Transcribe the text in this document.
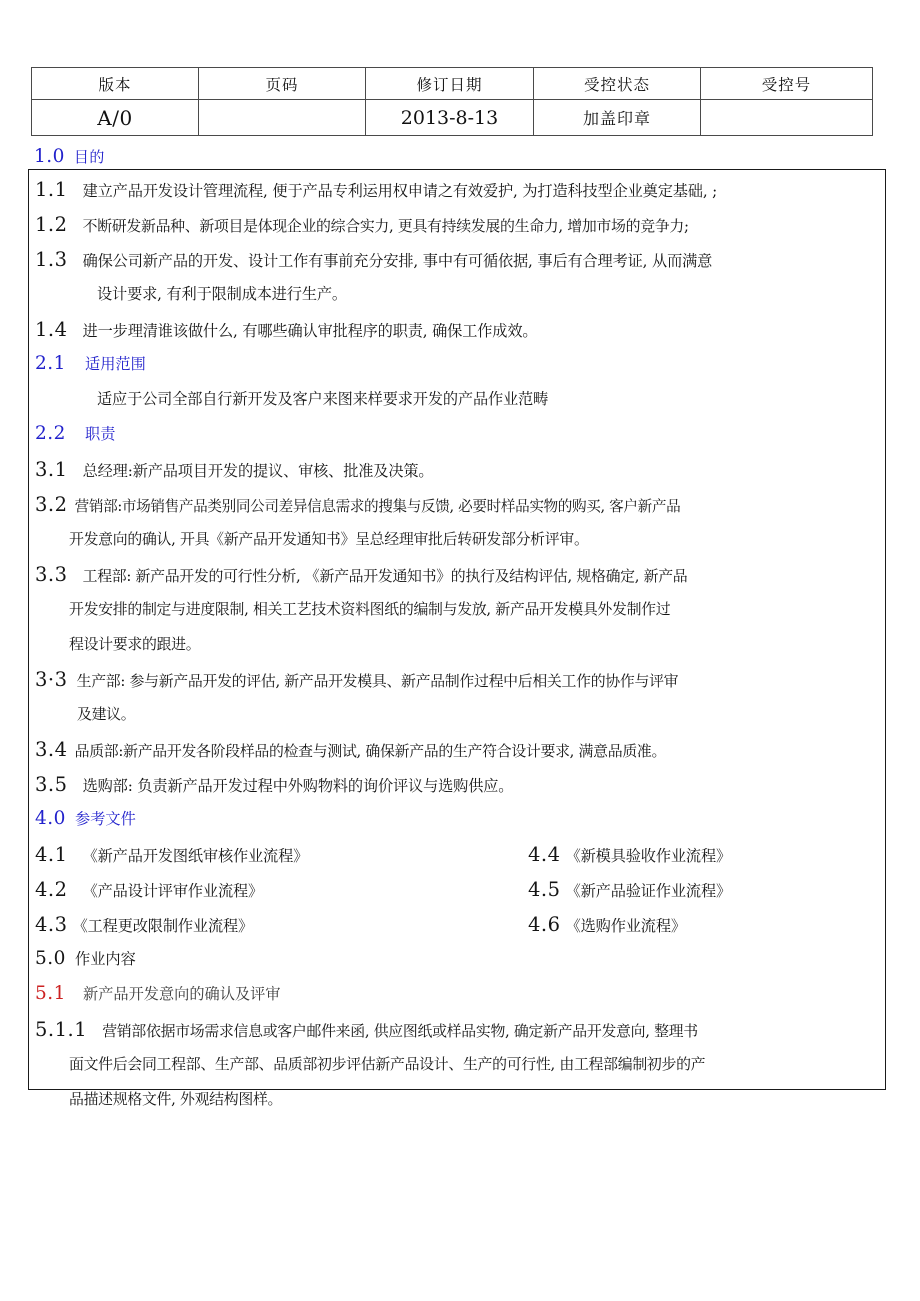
版本	页码	修订日期	受控状态	受控号
A/0		2013-8-13	加盖印章	
1.0 目的
1.1 建立产品开发设计管理流程, 便于产品专利运用权申请之有效爱护, 为打造科技型企业奠定基础, ;
1.2 不断研发新品种、新项目是体现企业的综合实力, 更具有持续发展的生命力, 增加市场的竞争力;
1.3 确保公司新产品的开发、设计工作有事前充分安排, 事中有可循依据, 事后有合理考证, 从而满意
设计要求, 有利于限制成本进行生产。
1.4 进一步理清谁该做什么, 有哪些确认审批程序的职责, 确保工作成效。
2.1 适用范围
适应于公司全部自行新开发及客户来图来样要求开发的产品作业范畴
2.2 职责
3.1 总经理:新产品项目开发的提议、审核、批准及决策。
3.2 营销部:市场销售产品类别同公司差异信息需求的搜集与反馈, 必要时样品实物的购买, 客户新产品
开发意向的确认, 开具《新产品开发通知书》呈总经理审批后转研发部分析评审。
3.3 工程部: 新产品开发的可行性分析, 《新产品开发通知书》的执行及结构评估, 规格确定, 新产品
开发安排的制定与进度限制, 相关工艺技术资料图纸的编制与发放, 新产品开发模具外发制作过
程设计要求的跟进。
3·3 生产部: 参与新产品开发的评估, 新产品开发模具、新产品制作过程中后相关工作的协作与评审
及建议。
3.4 品质部:新产品开发各阶段样品的检查与测试, 确保新产品的生产符合设计要求, 满意品质准。
3.5 选购部: 负责新产品开发过程中外购物料的询价评议与选购供应。
4.0 参考文件
4.1 《新产品开发图纸审核作业流程》	4.4 《新模具验收作业流程》
4.2 《产品设计评审作业流程》	4.5 《新产品验证作业流程》
4.3 《工程更改限制作业流程》	4.6 《选购作业流程》
5.0 作业内容
5.1 新产品开发意向的确认及评审
5.1.1 营销部依据市场需求信息或客户邮件来函, 供应图纸或样品实物, 确定新产品开发意向, 整理书
面文件后会同工程部、生产部、品质部初步评估新产品设计、生产的可行性, 由工程部编制初步的产
品描述规格文件, 外观结构图样。
